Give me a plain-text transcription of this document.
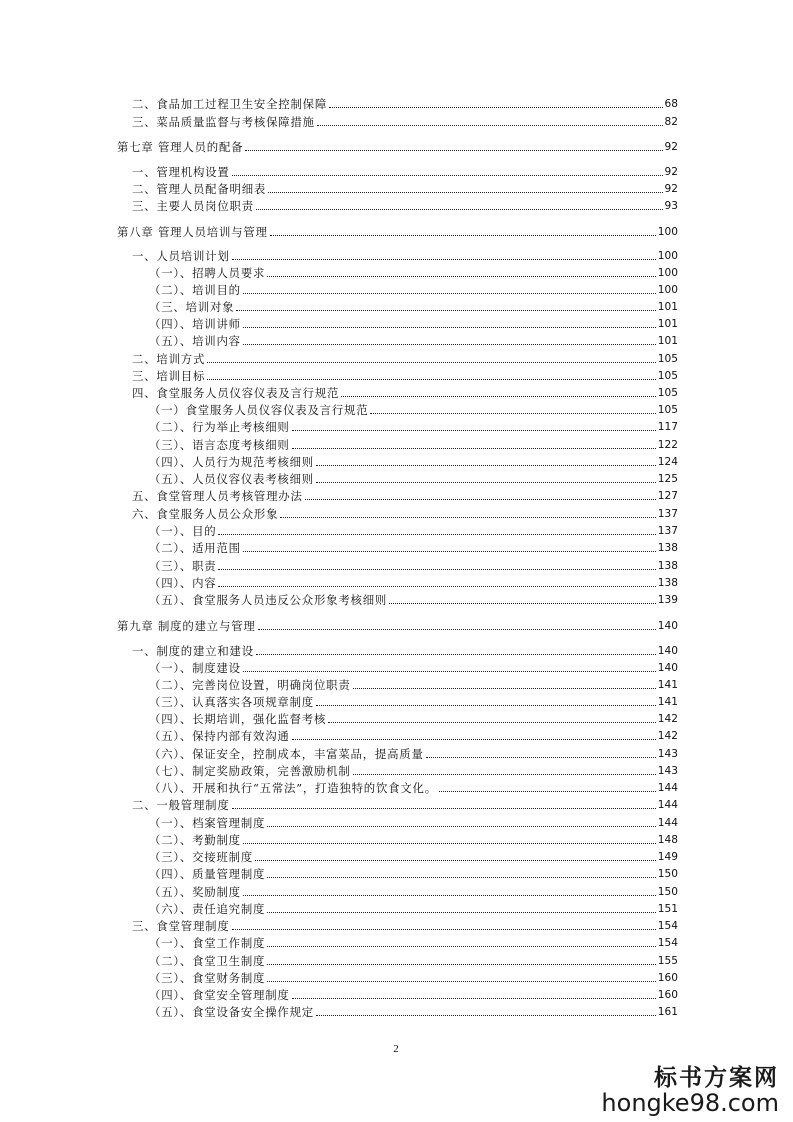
二、食品加工过程卫生安全控制保障	68
三、菜品质量监督与考核保障措施	82
第七章 管理人员的配备	92
一、管理机构设置	92
二、管理人员配备明细表	92
三、主要人员岗位职责	93
第八章 管理人员培训与管理	100
一、人员培训计划	100
（一）、招聘人员要求	100
（二）、培训目的	100
（三、培训对象	101
（四）、培训讲师	101
（五）、培训内容	101
二、培训方式	105
三、培训目标	105
四、食堂服务人员仪容仪表及言行规范	105
（一）食堂服务人员仪容仪表及言行规范	105
（二）、行为举止考核细则	117
（三）、语言态度考核细则	122
（四）、人员行为规范考核细则	124
（五）、人员仪容仪表考核细则	125
五、食堂管理人员考核管理办法	127
六、食堂服务人员公众形象	137
（一）、目的	137
（二）、适用范围	138
（三）、职责	138
（四）、内容	138
（五）、食堂服务人员违反公众形象考核细则	139
第九章 制度的建立与管理	140
一、制度的建立和建设	140
（一）、制度建设	140
（二）、完善岗位设置，明确岗位职责	141
（三）、认真落实各项规章制度	141
（四）、长期培训，强化监督考核	142
（五）、保持内部有效沟通	142
（六）、保证安全，控制成本，丰富菜品，提高质量	143
（七）、制定奖励政策，完善激励机制	143
（八）、开展和执行“五常法”，打造独特的饮食文化。	144
二、一般管理制度	144
（一）、档案管理制度	144
（二）、考勤制度	148
（三）、交接班制度	149
（四）、质量管理制度	150
（五）、奖励制度	150
（六）、责任追究制度	151
三、食堂管理制度	154
（一）、食堂工作制度	154
（二）、食堂卫生制度	155
（三）、食堂财务制度	160
（四）、食堂安全管理制度	160
（五）、食堂设备安全操作规定	161
2
标书方案网
hongke98.com
